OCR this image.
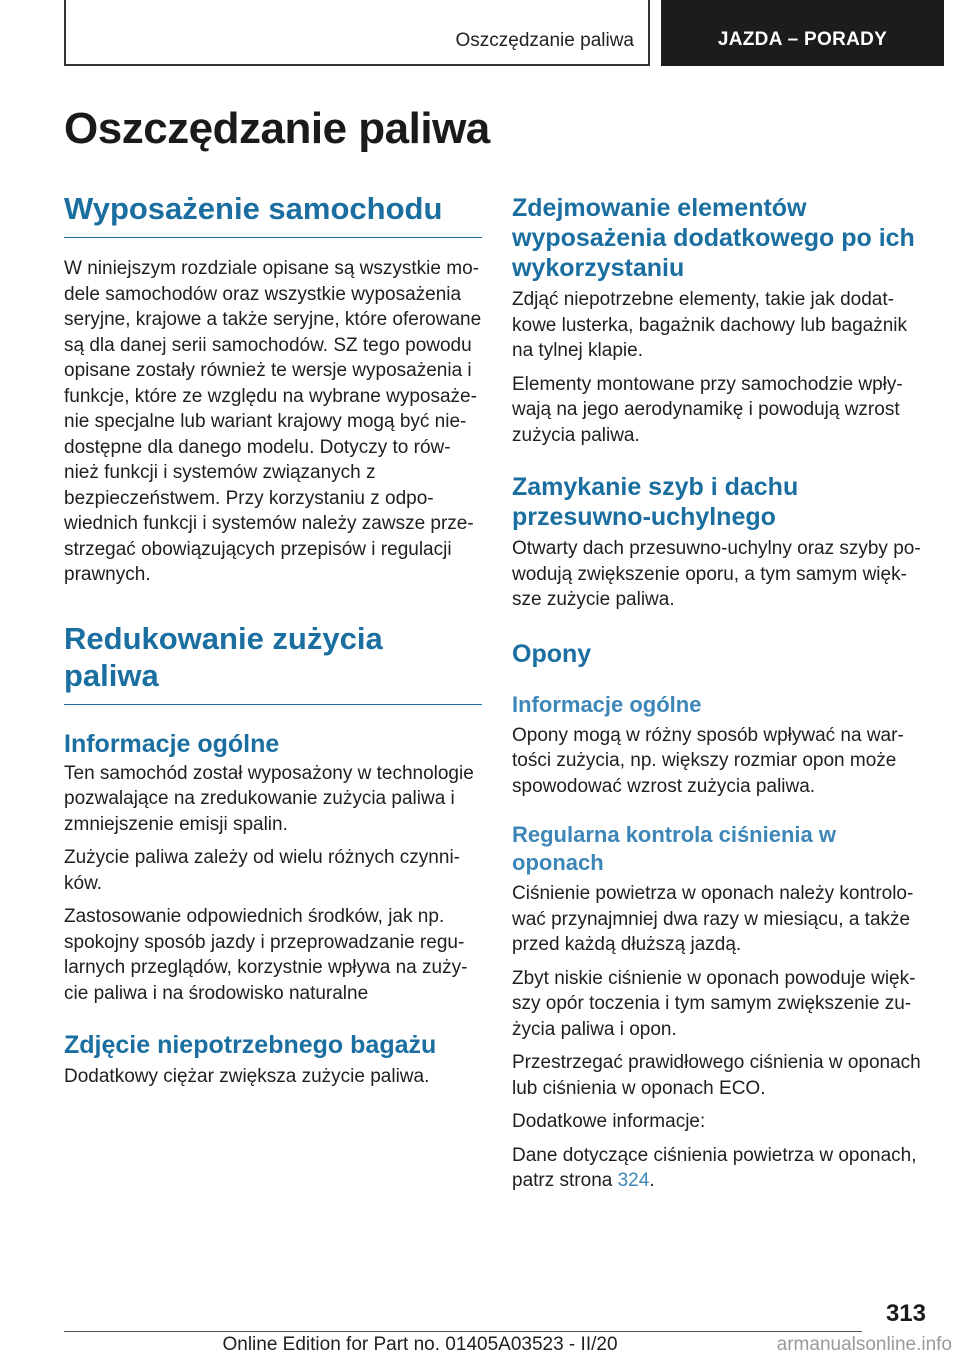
Oszczędzanie paliwa	JAZDA – PORADY
Oszczędzanie paliwa
Wyposażenie samochodu

W niniejszym rozdziale opisane są wszystkie mo-dele samochodów oraz wszystkie wyposażenia seryjne, krajowe a także seryjne, które oferowane są dla danej serii samochodów. SZ tego powodu opisane zostały również te wersje wyposażenia i funkcje, które ze względu na wybrane wyposaże-nie specjalne lub wariant krajowy mogą być nie-dostępne dla danego modelu. Dotyczy to rów-nież funkcji i systemów związanych z bezpieczeństwem. Przy korzystaniu z odpo-wiednich funkcji i systemów należy zawsze prze-strzegać obowiązujących przepisów i regulacji prawnych.

Redukowanie zużycia paliwa
Informacje ogólne

Ten samochód został wyposażony w technologie pozwalające na zredukowanie zużycia paliwa i zmniejszenie emisji spalin.

Zużycie paliwa zależy od wielu różnych czynni-ków.

Zastosowanie odpowiednich środków, jak np. spokojny sposób jazdy i przeprowadzanie regu-larnych przeglądów, korzystnie wpływa na zuży-cie paliwa i na środowisko naturalne

Zdjęcie niepotrzebnego bagażu

Dodatkowy ciężar zwiększa zużycie paliwa.

Zdejmowanie elementów wyposażenia dodatkowego po ich wykorzystaniu

Zdjąć niepotrzebne elementy, takie jak dodat-kowe lusterka, bagażnik dachowy lub bagażnik na tylnej klapie.

Elementy montowane przy samochodzie wpły-wają na jego aerodynamikę i powodują wzrost zużycia paliwa.

Zamykanie szyb i dachu przesuwno-uchylnego

Otwarty dach przesuwno-uchylny oraz szyby po-wodują zwiększenie oporu, a tym samym więk-sze zużycie paliwa.

Opony
Informacje ogólne

Opony mogą w różny sposób wpływać na war-tości zużycia, np. większy rozmiar opon może spowodować wzrost zużycia paliwa.

Regularna kontrola ciśnienia w oponach

Ciśnienie powietrza w oponach należy kontrolo-wać przynajmniej dwa razy w miesiącu, a także przed każdą dłuższą jazdą.

Zbyt niskie ciśnienie w oponach powoduje więk-szy opór toczenia i tym samym zwiększenie zu-życia paliwa i opon.

Przestrzegać prawidłowego ciśnienia w oponach lub ciśnienia w oponach ECO.

Dodatkowe informacje:

Dane dotyczące ciśnienia powietrza w oponach, patrz strona 324.

313
Online Edition for Part no. 01405A03523 - II/20	armanualsonline.info
